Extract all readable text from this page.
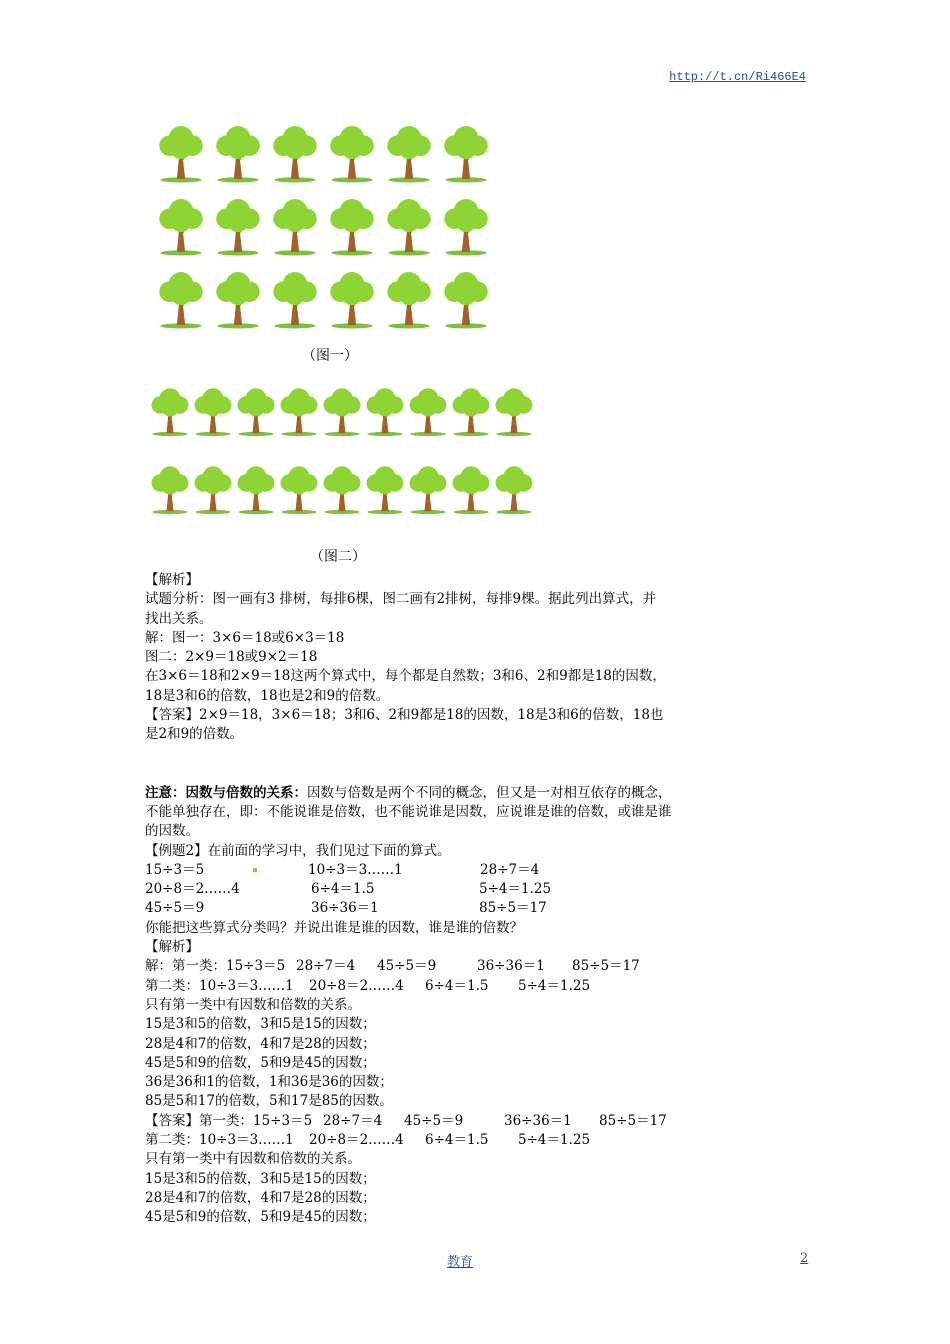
http://t.cn/Ri466E4
（图一）
（图二）

【解析】

试题分析：图一画有3 排树，每排6棵，图二画有2排树，每排9棵。据此列出算式，并

找出关系。

解：图一：3×6＝18或6×3＝18

图二：2×9＝18或9×2＝18

在3×6＝18和2×9＝18这两个算式中，每个都是自然数；3和6、2和9都是18的因数，

18是3和6的倍数，18也是2和9的倍数。

【答案】2×9＝18，3×6＝18；3和6、2和9都是18的因数，18是3和6的倍数，18也

是2和9的倍数。

注意：因数与倍数的关系：因数与倍数是两个不同的概念，但又是一对相互依存的概念，

不能单独存在，即：不能说谁是倍数，也不能说谁是因数，应说谁是谁的倍数，或谁是谁

的因数。

【例题2】在前面的学习中，我们见过下面的算式。

15÷3＝5	10÷3＝3……1	28÷7＝4

20÷8＝2……4	6÷4＝1.5	5÷4＝1.25

45÷5＝9	36÷36＝1	85÷5＝17

你能把这些算式分类吗？并说出谁是谁的因数，谁是谁的倍数？

【解析】

解：第一类：15÷3＝5 28÷7＝4 45÷5＝9	36÷36＝1 85÷5＝17

第二类：10÷3＝3……1 20÷8＝2……4 6÷4＝1.5 5÷4＝1.25

只有第一类中有因数和倍数的关系。

15是3和5的倍数，3和5是15的因数；

28是4和7的倍数，4和7是28的因数；

45是5和9的倍数，5和9是45的因数；

36是36和1的倍数，1和36是36的因数；

85是5和17的倍数，5和17是85的因数。

【答案】第一类：15÷3＝5 28÷7＝4 45÷5＝9	36÷36＝1 85÷5＝17

第二类：10÷3＝3……1 20÷8＝2……4 6÷4＝1.5 5÷4＝1.25

只有第一类中有因数和倍数的关系。

15是3和5的倍数，3和5是15的因数；

28是4和7的倍数，4和7是28的因数；

45是5和9的倍数，5和9是45的因数；

教育	2
